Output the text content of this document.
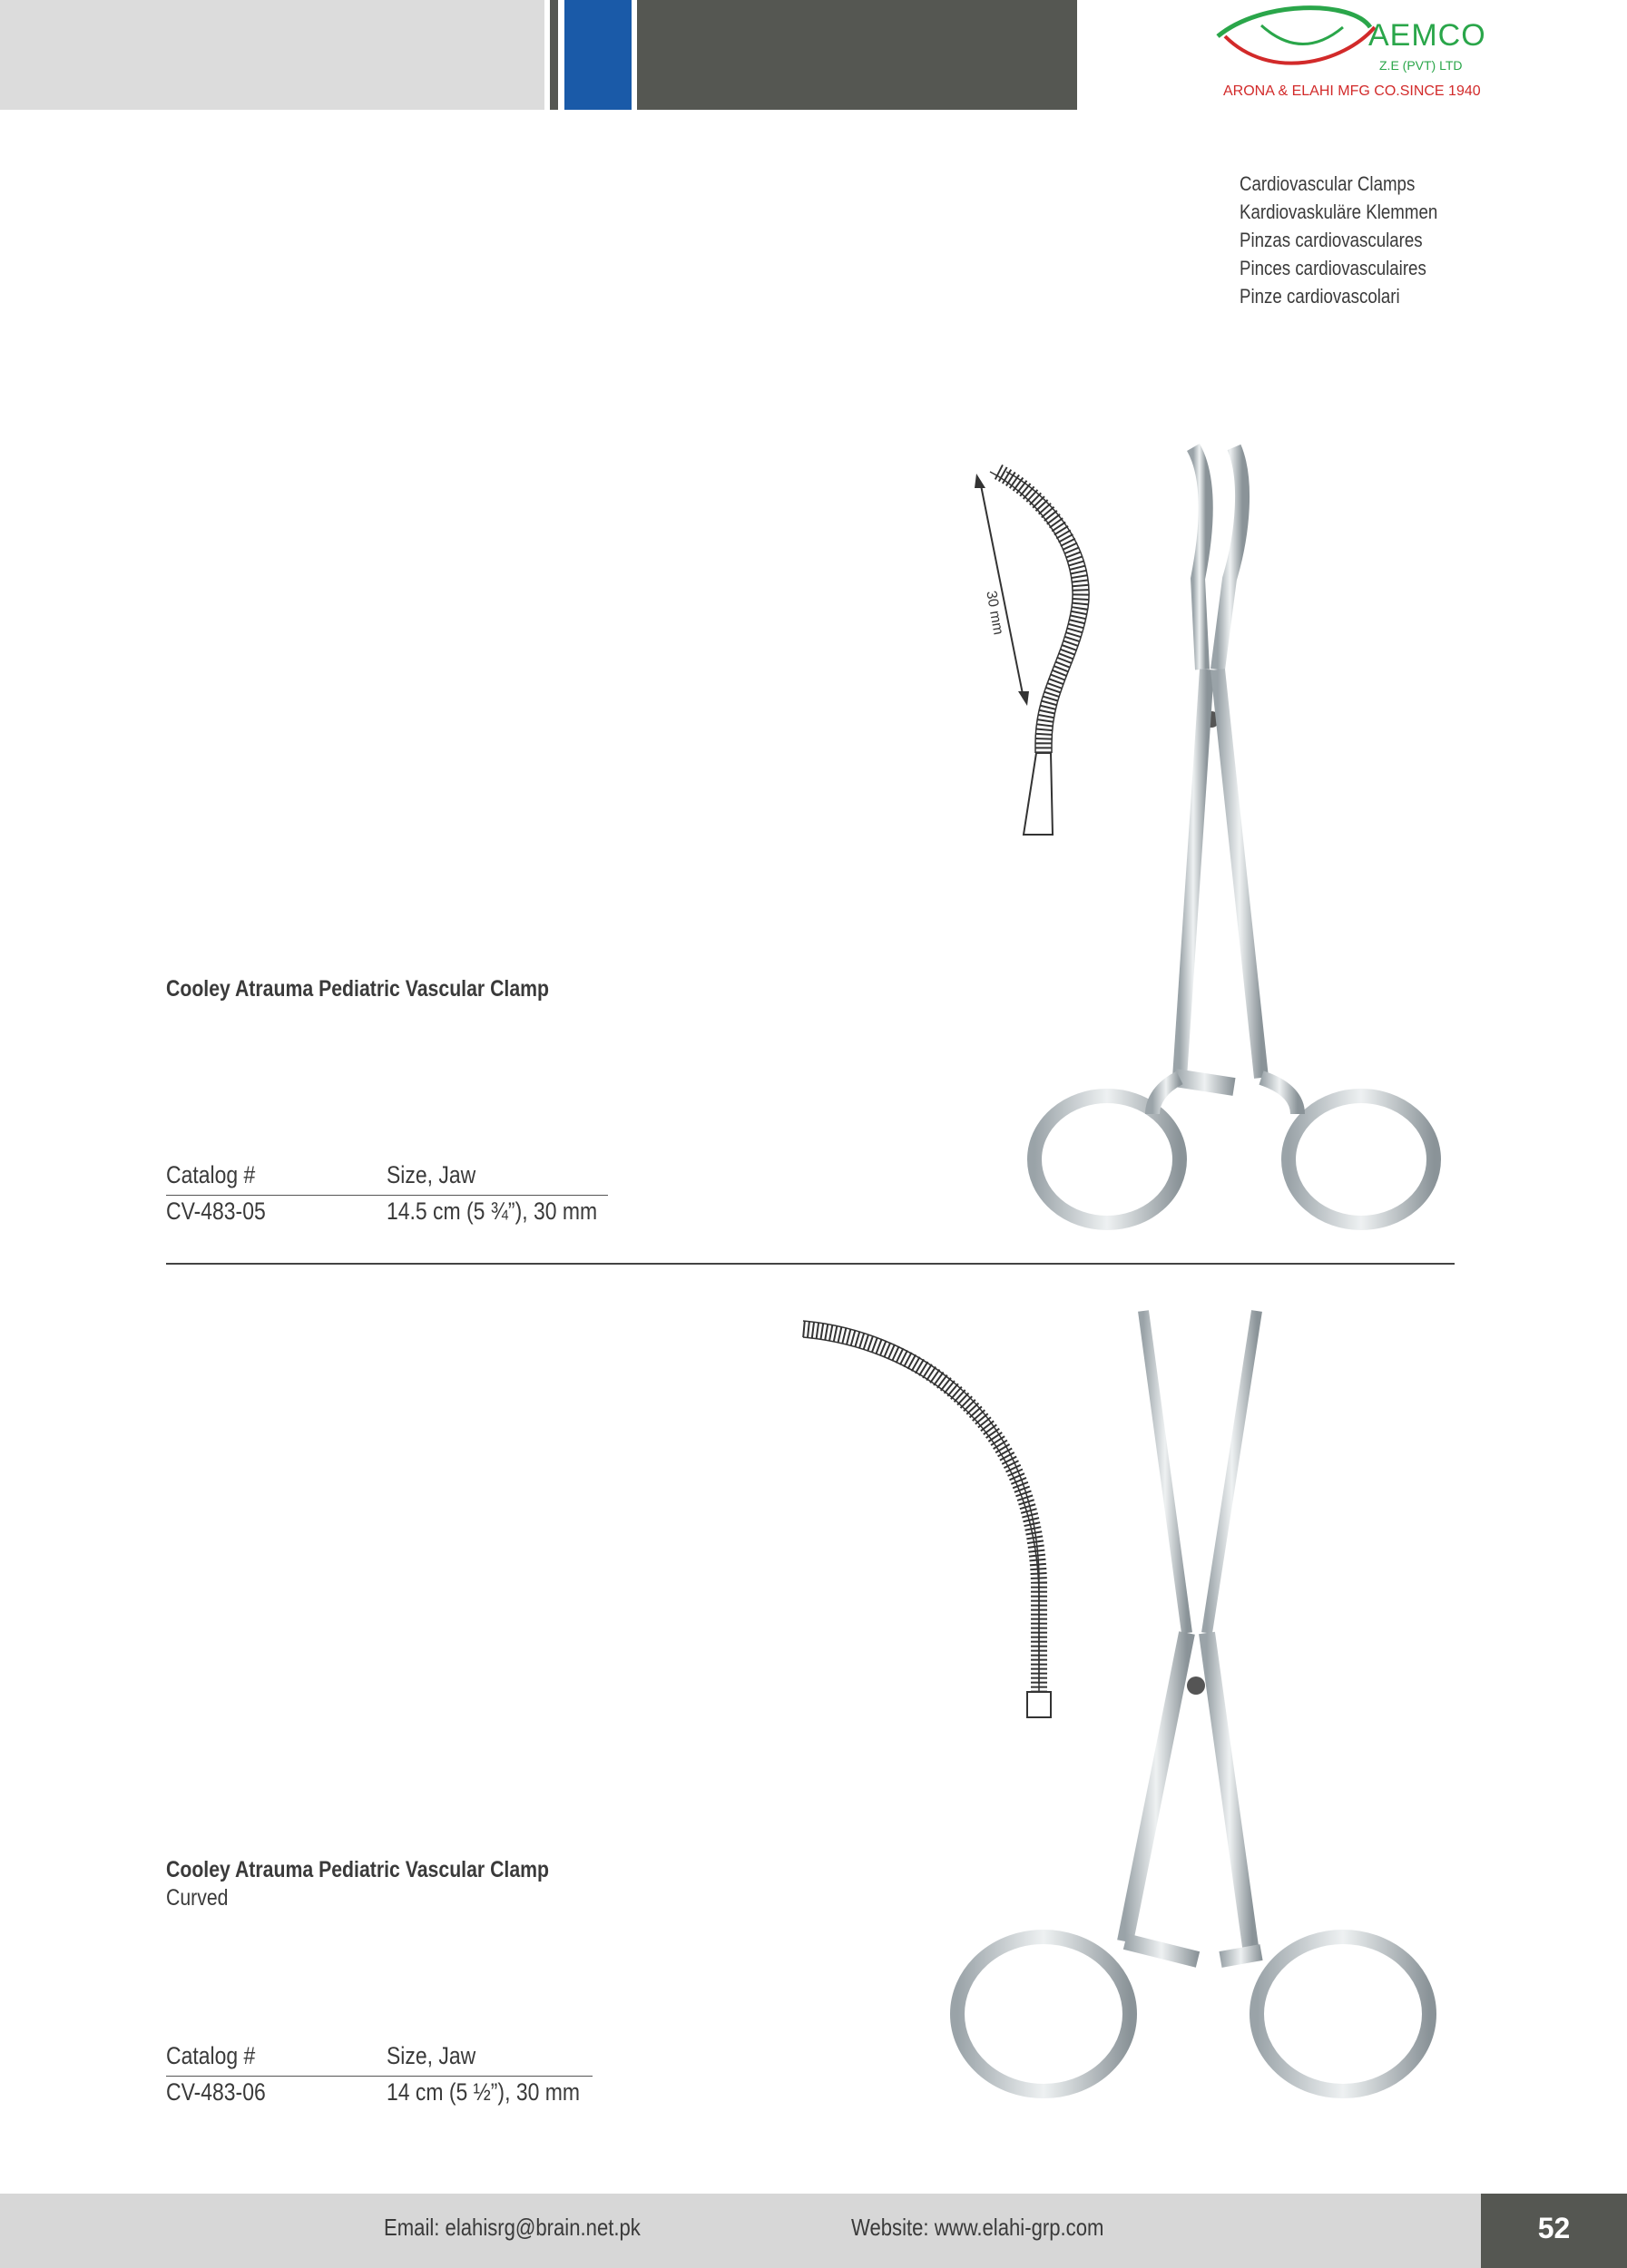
AEMCO
Z.E (PVT) LTD
ARONA & ELAHI MFG CO.SINCE 1940
Cardiovascular Clamps
Kardiovaskuläre Klemmen
Pinzas cardiovasculares
Pinces cardiovasculaires
Pinze cardiovascolari
30 mm
Cooley Atrauma Pediatric Vascular Clamp
Catalog #	Size, Jaw
CV-483-05	14.5 cm (5 ¾”), 30 mm
Cooley Atrauma Pediatric Vascular Clamp
Curved
Catalog #	Size, Jaw
CV-483-06	14 cm (5 ½”), 30 mm
Email: elahisrg@brain.net.pk	Website: www.elahi-grp.com	52
